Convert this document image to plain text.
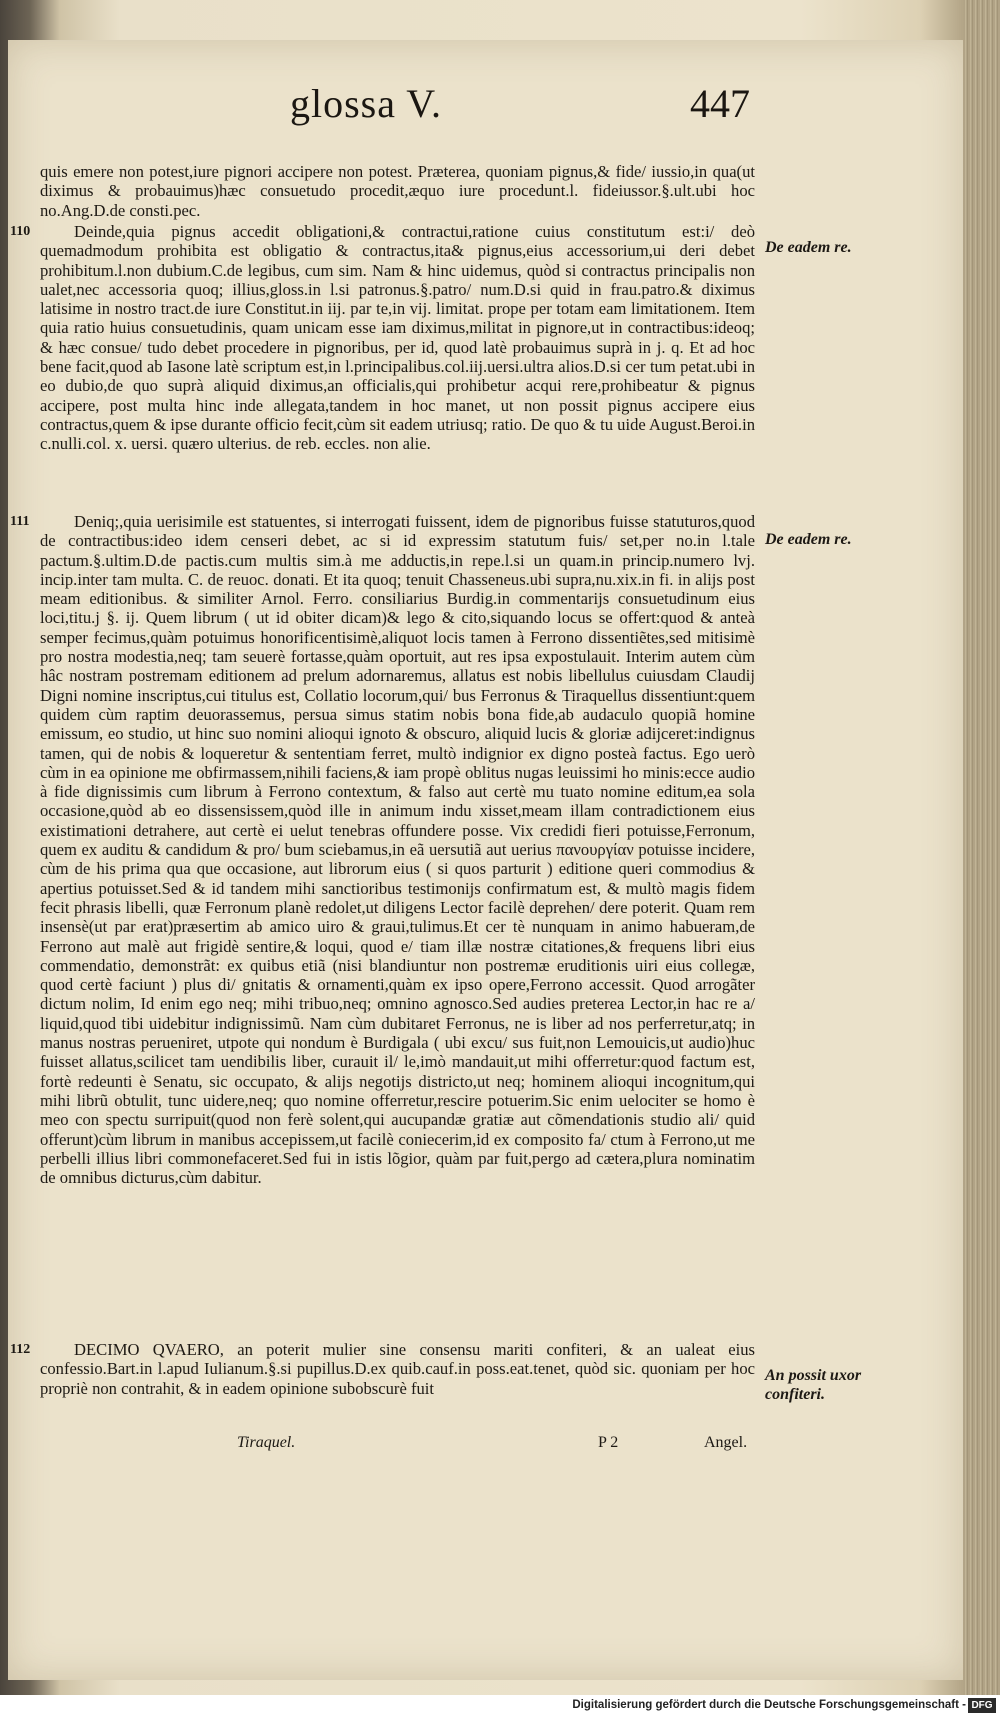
glossa V.	447

quis emere non potest,iure pignori accipere non potest. Præterea, quoniam pignus,& fide/ iussio,in qua(ut diximus & probauimus)hæc consuetudo procedit,æquo iure procedunt.l. fideiussor.§.ult.ubi hoc no.Ang.D.de consti.pec.

110	Deinde,quia pignus accedit obligationi,& contractui,ratione cuius constitutum est:i/ deò quemadmodum prohibita est obligatio & contractus,ita& pignus,eius accessorium,ui deri debet prohibitum.l.non dubium.C.de legibus, cum sim. Nam & hinc uidemus, quòd si contractus principalis non ualet,nec accessoria quoq; illius,gloss.in l.si patronus.§.patro/ num.D.si quid in frau.patro.& diximus latisime in nostro tract.de iure Constitut.in iij. par te,in vij. limitat. prope per totam eam limitationem. Item quia ratio huius consuetudinis, quam unicam esse iam diximus,militat in pignore,ut in contractibus:ideoq; & hæc consue/ tudo debet procedere in pignoribus, per id, quod latè probauimus suprà in j. q. Et ad hoc bene facit,quod ab Iasone latè scriptum est,in l.principalibus.col.iij.uersi.ultra alios.D.si cer tum petat.ubi in eo dubio,de quo suprà aliquid diximus,an officialis,qui prohibetur acqui rere,prohibeatur & pignus accipere, post multa hinc inde allegata,tandem in hoc manet, ut non possit pignus accipere eius contractus,quem & ipse durante officio fecit,cùm sit eadem utriusq; ratio. De quo & tu uide August.Beroi.in c.nulli.col. x. uersi. quæro ulterius. de reb. eccles. non alie.

111	Deniq;,quia uerisimile est statuentes, si interrogati fuissent, idem de pignoribus fuisse statuturos,quod de contractibus:ideo idem censeri debet, ac si id expressim statutum fuis/ set,per no.in l.tale pactum.§.ultim.D.de pactis.cum multis sim.à me adductis,in repe.l.si un quam.in princip.numero lvj. incip.inter tam multa. C. de reuoc. donati. Et ita quoq; tenuit Chasseneus.ubi supra,nu.xix.in fi. in alijs post meam editionibus. & similiter Arnol. Ferro. consiliarius Burdig.in commentarijs consuetudinum eius loci,titu.j §. ij. Quem librum ( ut id obiter dicam)& lego & cito,siquando locus se offert:quod & anteà semper fecimus,quàm potuimus honorificentisimè,aliquot locis tamen à Ferrono dissentiẽtes,sed mitisimè pro nostra modestia,neq; tam seuerè fortasse,quàm oportuit, aut res ipsa expostulauit. Interim autem cùm hâc nostram postremam editionem ad prelum adornaremus, allatus est nobis libellulus cuiusdam Claudij Digni nomine inscriptus,cui titulus est, Collatio locorum,qui/ bus Ferronus & Tiraquellus dissentiunt:quem quidem cùm raptim deuorassemus, persua simus statim nobis bona fide,ab audaculo quopiã homine emissum, eo studio, ut hinc suo nomini alioqui ignoto & obscuro, aliquid lucis & gloriæ adijceret:indignus tamen, qui de nobis & loqueretur & sententiam ferret, multò indignior ex digno posteà factus. Ego uerò cùm in ea opinione me obfirmassem,nihili faciens,& iam propè oblitus nugas leuissimi ho minis:ecce audio à fide dignissimis cum librum à Ferrono contextum, & falso aut certè mu tuato nomine editum,ea sola occasione,quòd ab eo dissensissem,quòd ille in animum indu xisset,meam illam contradictionem eius existimationi detrahere, aut certè ei uelut tenebras offundere posse. Vix credidi fieri potuisse,Ferronum, quem ex auditu & candidum & pro/ bum sciebamus,in eã uersutiã aut uerius πανουργίαν potuisse incidere, cùm de his prima qua que occasione, aut librorum eius ( si quos parturit ) editione queri commodius & apertius potuisset.Sed & id tandem mihi sanctioribus testimonijs confirmatum est, & multò magis fidem fecit phrasis libelli, quæ Ferronum planè redolet,ut diligens Lector facilè deprehen/ dere poterit. Quam rem insensè(ut par erat)præsertim ab amico uiro & graui,tulimus.Et cer tè nunquam in animo habueram,de Ferrono aut malè aut frigidè sentire,& loqui, quod e/ tiam illæ nostræ citationes,& frequens libri eius commendatio, demonstrãt: ex quibus etiã (nisi blandiuntur non postremæ eruditionis uiri eius collegæ, quod certè faciunt ) plus di/ gnitatis & ornamenti,quàm ex ipso opere,Ferrono accessit. Quod arrogãter dictum nolim, Id enim ego neq; mihi tribuo,neq; omnino agnosco.Sed audies preterea Lector,in hac re a/ liquid,quod tibi uidebitur indignissimũ. Nam cùm dubitaret Ferronus, ne is liber ad nos perferretur,atq; in manus nostras perueniret, utpote qui nondum è Burdigala ( ubi excu/ sus fuit,non Lemouicis,ut audio)huc fuisset allatus,scilicet tam uendibilis liber, curauit il/ le,imò mandauit,ut mihi offerretur:quod factum est, fortè redeunti è Senatu, sic occupato, & alijs negotijs districto,ut neq; hominem alioqui incognitum,qui mihi librũ obtulit, tunc uidere,neq; quo nomine offerretur,rescire potuerim.Sic enim uelociter se homo è meo con spectu surripuit(quod non ferè solent,qui aucupandæ gratiæ aut cõmendationis studio ali/ quid offerunt)cùm librum in manibus accepissem,ut facilè coniecerim,id ex composito fa/ ctum à Ferrono,ut me perbelli illius libri commonefaceret.Sed fui in istis lõgior, quàm par fuit,pergo ad cætera,plura nominatim de omnibus dicturus,cùm dabitur.

112	DECIMO QVAERO, an poterit mulier sine consensu mariti confiteri, & an ualeat eius confessio.Bart.in l.apud Iulianum.§.si pupillus.D.ex quib.cauf.in poss.eat.tenet, quòd sic. quoniam per hoc propriè non contrahit, & in eadem opinione subobscurè fuit

De eadem re.
De eadem re.
An possit uxor confiteri.
Tiraquel.	P 2	Angel.
Digitalisierung gefördert durch die Deutsche Forschungsgemeinschaft - DFG
